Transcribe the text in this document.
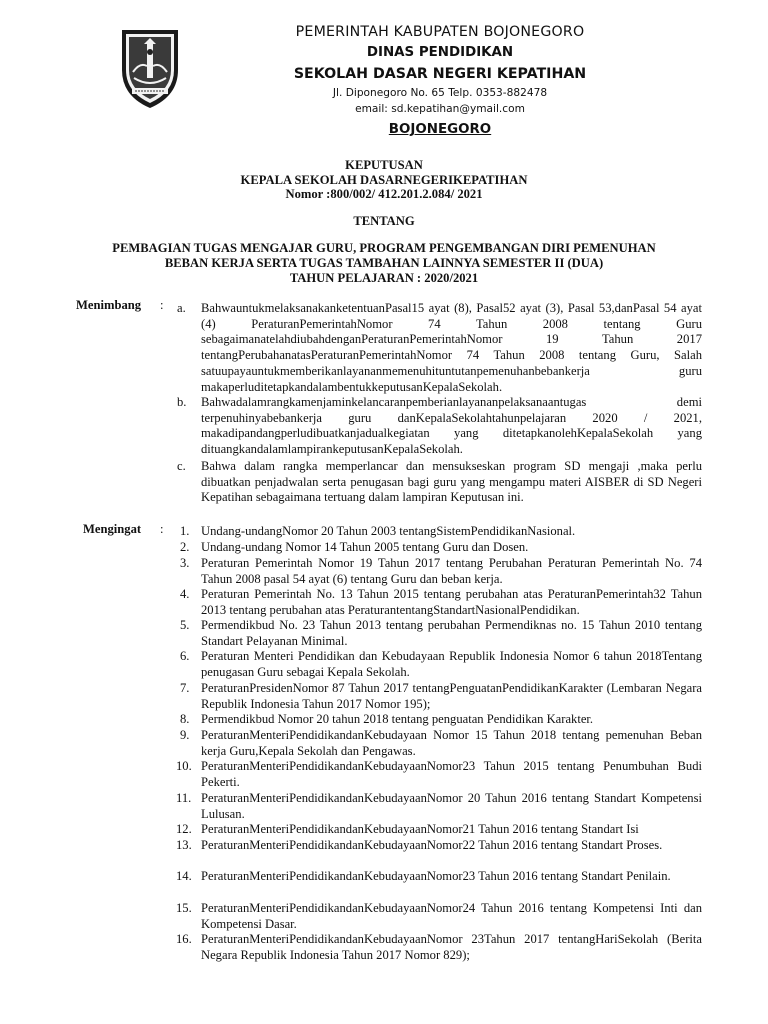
PEMERINTAH KABUPATEN BOJONEGORO
DINAS PENDIDIKAN
SEKOLAH DASAR NEGERI KEPATIHAN
Jl. Diponegoro No. 65 Telp. 0353-882478
email: sd.kepatihan@ymail.com
BOJONEGORO
KEPUTUSAN
KEPALA SEKOLAH DASARNEGERIKEPATIHAN
Nomor :800/002/ 412.201.2.084/ 2021
TENTANG
PEMBAGIAN TUGAS MENGAJAR GURU, PROGRAM PENGEMBANGAN DIRI PEMENUHAN
BEBAN KERJA SERTA TUGAS TAMBAHAN LAINNYA SEMESTER II (DUA)
TAHUN PELAJARAN : 2020/2021
Menimbang : a. Bahwauntukmelaksanakanketentuan​Pasal15 ayat (8), Pasal52 ayat (3), Pasal 53,danPasal 54 ayat (4) PeraturanPemerintahNomor 74 Tahun 2008 tentang Guru sebagaimanatelahdiubahdenganPeraturanPemerintahNomor 19 Tahun 2017 tentangPerubahanatasPeraturanPemerintahNomor 74 Tahun 2008 tentang Guru, Salah satuupayauntukmemberikanlayananmemenuhituntutanpemenuhanbebankerja guru makaperluditetapkandalambentukkeputusanKepalaSekolah.
b. Bahwadalamrangkamenjaminkelancaranpemberianlayananpelaksanaantugas demi terpenuhinyabebankerja guru danKepalaSekolahtahunpelajaran 2020 / 2021, makadipandangperludibuatkanjadualkegiatan yang ditetapkanolehKepalaSekolah yang dituangkandalamlampirankeputusanKepalaSekolah.
c. Bahwa dalam rangka memperlancar dan mensukseskan program SD mengaji ,maka perlu dibuatkan penjadwalan serta penugasan bagi guru yang mengampu materi AISBER di SD Negeri Kepatihan sebagaimana tertuang dalam lampiran Keputusan ini.
Mengingat : 1. Undang-undangNomor 20 Tahun 2003 tentangSistemPendidikanNasional.
2. Undang-undang Nomor 14 Tahun 2005 tentang Guru dan Dosen.
3. Peraturan Pemerintah Nomor 19 Tahun 2017 tentang Perubahan Peraturan Pemerintah No. 74 Tahun 2008 pasal 54 ayat (6) tentang Guru dan beban kerja.
4. Peraturan Pemerintah No. 13 Tahun 2015 tentang perubahan atas PeraturanPemerintah32 Tahun 2013 tentang perubahan atas PeraturantentangStandartNasionalPendidikan.
5. Permendikbud No. 23 Tahun 2013 tentang perubahan Permendiknas no. 15 Tahun 2010 tentang Standart Pelayanan Minimal.
6. Peraturan Menteri Pendidikan dan Kebudayaan Republik Indonesia Nomor 6 tahun 2018Tentang penugasan Guru sebagai Kepala Sekolah.
7. PeraturanPresidenNomor 87 Tahun 2017 tentangPenguatanPendidikanKarakter (Lembaran Negara Republik Indonesia Tahun 2017 Nomor 195);
8. Permendikbud Nomor 20 tahun 2018 tentang penguatan Pendidikan Karakter.
9. PeraturanMenteriPendidikandanKebudayaan Nomor 15 Tahun 2018 tentang pemenuhan Beban kerja Guru,Kepala Sekolah dan Pengawas.
10. PeraturanMenteriPendidikandanKebudayaanNomor23 Tahun 2015 tentang Penumbuhan Budi Pekerti.
11. PeraturanMenteriPendidikandanKebudayaanNomor 20 Tahun 2016 tentang Standart Kompetensi Lulusan.
12. PeraturanMenteriPendidikandanKebudayaanNomor21 Tahun 2016 tentang Standart Isi
13. PeraturanMenteriPendidikandanKebudayaanNomor22 Tahun 2016 tentang Standart Proses.
14. PeraturanMenteriPendidikandanKebudayaanNomor23 Tahun 2016 tentang Standart Penilain.
15. PeraturanMenteriPendidikandanKebudayaanNomor24 Tahun 2016 tentang Kompetensi Inti dan Kompetensi Dasar.
16. PeraturanMenteriPendidikandanKebudayaanNomor 23Tahun 2017 tentangHariSekolah (Berita Negara Republik Indonesia Tahun 2017 Nomor 829);
